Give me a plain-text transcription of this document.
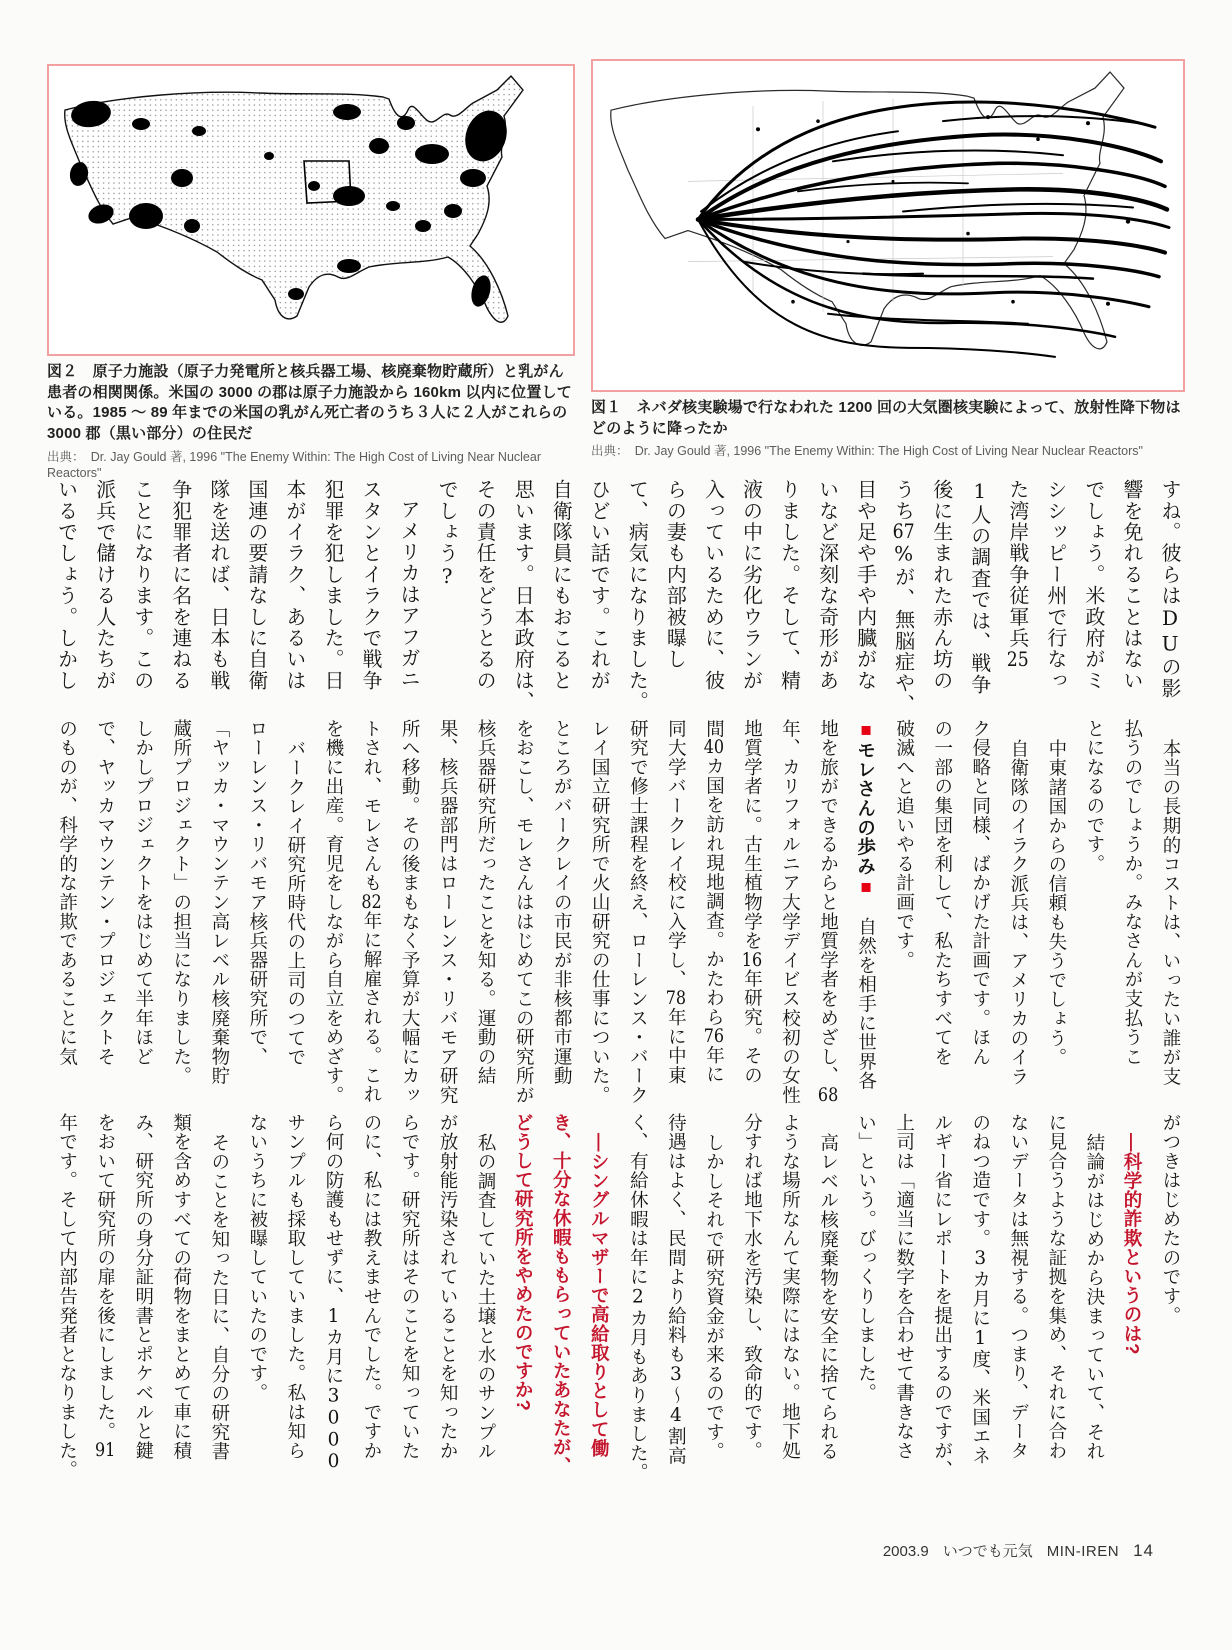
図２　原子力施設（原子力発電所と核兵器工場、核廃棄物貯蔵所）と乳がん患者の相関関係。米国の 3000 の郡は原子力施設から 160km 以内に位置している。1985 ～ 89 年までの米国の乳がん死亡者のうち３人に２人がこれらの 3000 郡（黒い部分）の住民だ
出典：　Dr. Jay Gould 著, 1996 "The Enemy Within: The High Cost of Living Near Nuclear Reactors"
図１　ネバダ核実験場で行なわれた 1200 回の大気圏核実験によって、放射性降下物はどのように降ったか
出典：　Dr. Jay Gould 著, 1996 "The Enemy Within: The High Cost of Living Near Nuclear Reactors"
すね。彼らはDUの影
響を免れることはない
でしょう。米政府がミ
シシッピー州で行なっ
た湾岸戦争従軍兵25
1人の調査では、戦争
後に生まれた赤ん坊の
うち67%が、無脳症や、
目や足や手や内臓がな
いなど深刻な奇形があ
りました。そして、精
液の中に劣化ウランが
入っているために、彼
らの妻も内部被曝し
て、病気になりました。
ひどい話です。これが
自衛隊員にもおこると
思います。日本政府は、
その責任をどうとるの
でしょう?
アメリカはアフガニ
スタンとイラクで戦争
犯罪を犯しました。日
本がイラク、あるいは
国連の要請なしに自衛
隊を送れば、日本も戦
争犯罪者に名を連ねる
ことになります。この
派兵で儲ける人たちが
いるでしょう。しかし
本当の長期的コストは、いったい誰が支
払うのでしょうか。みなさんが支払うこ
とになるのです。
中東諸国からの信頼も失うでしょう。
自衛隊のイラク派兵は、アメリカのイラ
ク侵略と同様、ばかげた計画です。ほん
の一部の集団を利して、私たちすべてを
破滅へと追いやる計画です。
■モレさんの歩み■　自然を相手に世界各
地を旅ができるからと地質学者をめざし、68
年、カリフォルニア大学デイビス校初の女性
地質学者に。古生植物学を16年研究。その
間40カ国を訪れ現地調査。かたわら76年に
同大学バークレイ校に入学し、78年に中東
研究で修士課程を終え、ローレンス・バーク
レイ国立研究所で火山研究の仕事についた。
ところがバークレイの市民が非核都市運動
をおこし、モレさんははじめてこの研究所が
核兵器研究所だったことを知る。運動の結
果、核兵器部門はローレンス・リバモア研究
所へ移動。その後まもなく予算が大幅にカッ
トされ、モレさんも82年に解雇される。これ
を機に出産。育児をしながら自立をめざす。
バークレイ研究所時代の上司のつてで
ローレンス・リバモア核兵器研究所で、
「ヤッカ・マウンテン高レベル核廃棄物貯
蔵所プロジェクト」の担当になりました。
しかしプロジェクトをはじめて半年ほど
で、ヤッカマウンテン・プロジェクトそ
のものが、科学的な詐欺であることに気
がつきはじめたのです。
―科学的詐欺というのは?
結論がはじめから決まっていて、それ
に見合うような証拠を集め、それに合わ
ないデータは無視する。つまり、データ
のねつ造です。3カ月に1度、米国エネ
ルギー省にレポートを提出するのですが、
上司は「適当に数字を合わせて書きなさ
い」という。びっくりしました。
高レベル核廃棄物を安全に捨てられる
ような場所なんて実際にはない。地下処
分すれば地下水を汚染し、致命的です。
しかしそれで研究資金が来るのです。
待遇はよく、民間より給料も3～4割高
く、有給休暇は年に2カ月もありました。
―シングルマザーで高給取りとして働
き、十分な休暇ももらっていたあなたが、
どうして研究所をやめたのですか?
私の調査していた土壌と水のサンプル
が放射能汚染されていることを知ったか
らです。研究所はそのことを知っていた
のに、私には教えませんでした。ですか
ら何の防護もせずに、1カ月に3000
サンプルも採取していました。私は知ら
ないうちに被曝していたのです。
そのことを知った日に、自分の研究書
類を含めすべての荷物をまとめて車に積
み、研究所の身分証明書とポケベルと鍵
をおいて研究所の扉を後にしました。91
年です。そして内部告発者となりました。
2003.9 いつでも元気 MIN-IREN 14
